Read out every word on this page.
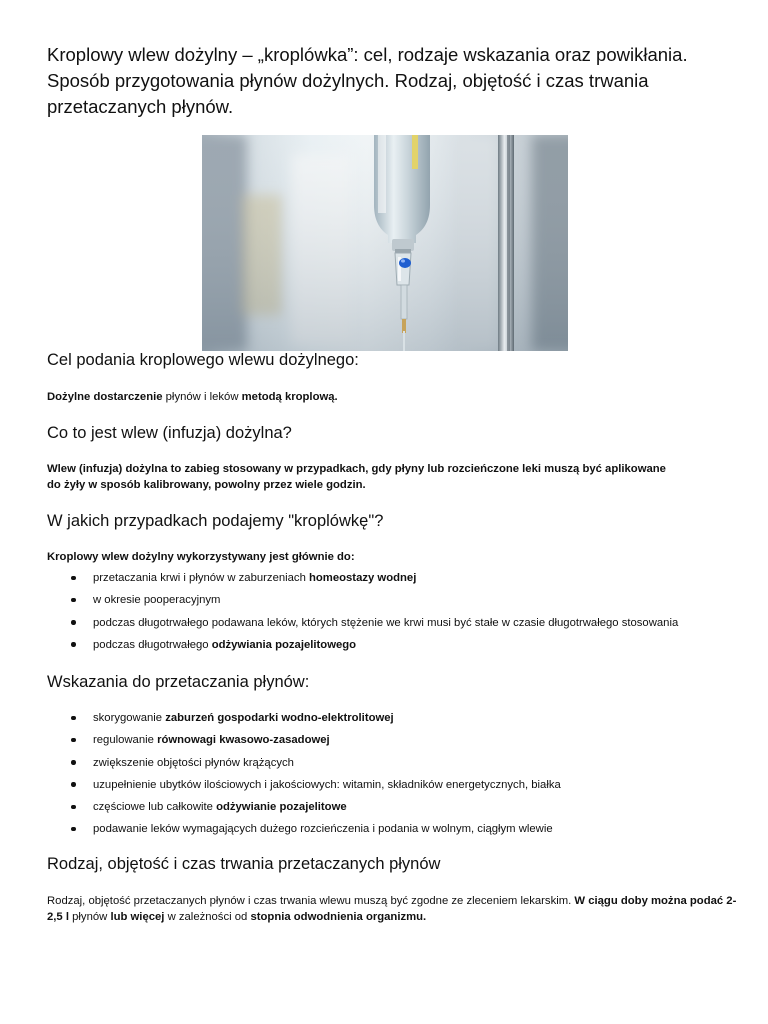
Kroplowy wlew dożylny – „kroplówka”: cel, rodzaje wskazania oraz powikłania. Sposób przygotowania płynów dożylnych. Rodzaj, objętość i czas trwania przetaczanych płynów.
Cel podania kroplowego wlewu dożylnego:

Dożylne dostarczenie płynów i leków metodą kroplową.

Co to jest wlew (infuzja) dożylna?

Wlew (infuzja) dożylna to zabieg stosowany w przypadkach, gdy płyny lub rozcieńczone leki muszą być aplikowane do żyły w sposób kalibrowany, powolny przez wiele godzin.

W jakich przypadkach podajemy "kroplówkę"?

Kroplowy wlew dożylny wykorzystywany jest głównie do:

przetaczania krwi i płynów w zaburzeniach homeostazy wodnej
w okresie pooperacyjnym
podczas długotrwałego podawana leków, których stężenie we krwi musi być stałe w czasie długotrwałego stosowania
podczas długotrwałego odżywiania pozajelitowego
Wskazania do przetaczania płynów:
skorygowanie zaburzeń gospodarki wodno-elektrolitowej
regulowanie równowagi kwasowo-zasadowej
zwiększenie objętości płynów krążących
uzupełnienie ubytków ilościowych i jakościowych: witamin, składników energetycznych, białka
częściowe lub całkowite odżywianie pozajelitowe
podawanie leków wymagających dużego rozcieńczenia i podania w wolnym, ciągłym wlewie
Rodzaj, objętość i czas trwania przetaczanych płynów

Rodzaj, objętość przetaczanych płynów i czas trwania wlewu muszą być zgodne ze zleceniem lekarskim. W ciągu doby można podać 2-2,5 l płynów lub więcej w zależności od stopnia odwodnienia organizmu.
